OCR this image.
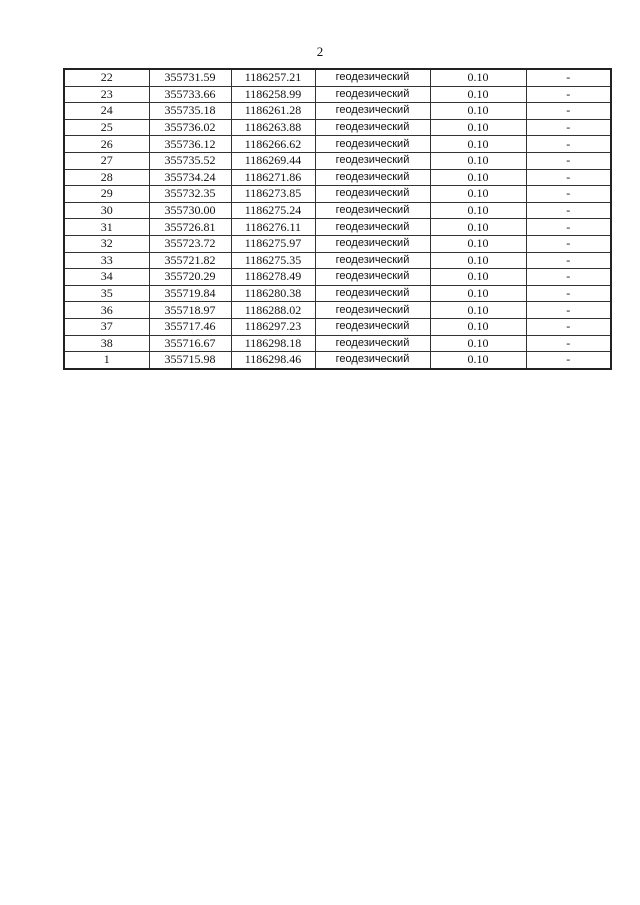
2
22	355731.59	1186257.21	геодезический	0.10	-
23	355733.66	1186258.99	геодезический	0.10	-
24	355735.18	1186261.28	геодезический	0.10	-
25	355736.02	1186263.88	геодезический	0.10	-
26	355736.12	1186266.62	геодезический	0.10	-
27	355735.52	1186269.44	геодезический	0.10	-
28	355734.24	1186271.86	геодезический	0.10	-
29	355732.35	1186273.85	геодезический	0.10	-
30	355730.00	1186275.24	геодезический	0.10	-
31	355726.81	1186276.11	геодезический	0.10	-
32	355723.72	1186275.97	геодезический	0.10	-
33	355721.82	1186275.35	геодезический	0.10	-
34	355720.29	1186278.49	геодезический	0.10	-
35	355719.84	1186280.38	геодезический	0.10	-
36	355718.97	1186288.02	геодезический	0.10	-
37	355717.46	1186297.23	геодезический	0.10	-
38	355716.67	1186298.18	геодезический	0.10	-
1	355715.98	1186298.46	геодезический	0.10	-
